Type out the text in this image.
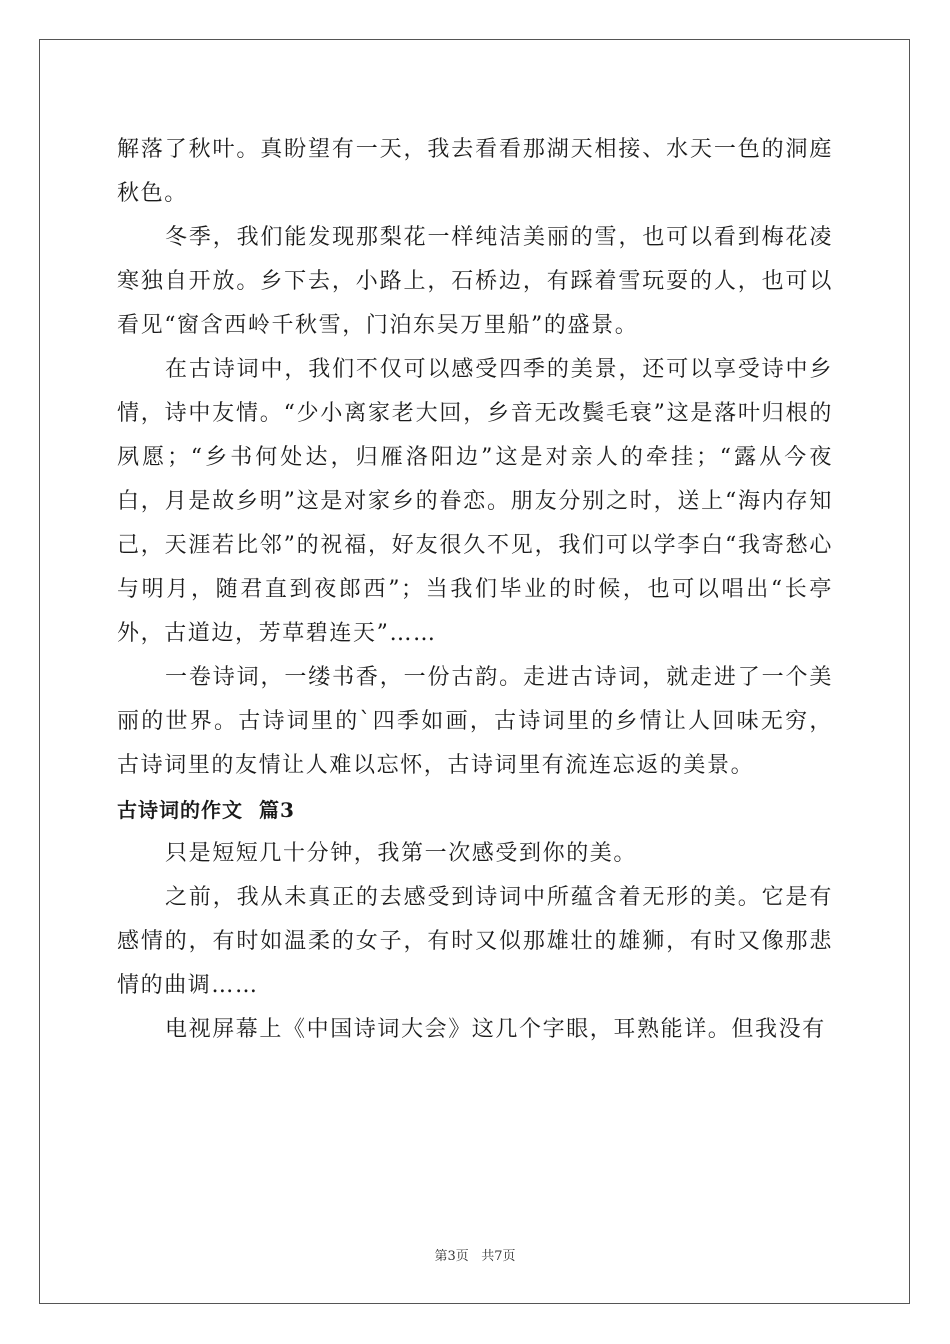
解落了秋叶。真盼望有一天，我去看看那湖天相接、水天一色的洞庭秋色。

冬季，我们能发现那梨花一样纯洁美丽的雪，也可以看到梅花凌寒独自开放。乡下去，小路上，石桥边，有踩着雪玩耍的人，也可以看见“窗含西岭千秋雪，门泊东吴万里船”的盛景。

在古诗词中，我们不仅可以感受四季的美景，还可以享受诗中乡情，诗中友情。“少小离家老大回，乡音无改鬓毛衰”这是落叶归根的夙愿；“乡书何处达，归雁洛阳边”这是对亲人的牵挂；“露从今夜白，月是故乡明”这是对家乡的眷恋。朋友分别之时，送上“海内存知己，天涯若比邻”的祝福，好友很久不见，我们可以学李白“我寄愁心与明月，随君直到夜郎西”；当我们毕业的时候，也可以唱出“长亭外，古道边，芳草碧连天”……

一卷诗词，一缕书香，一份古韵。走进古诗词，就走进了一个美丽的世界。古诗词里的`四季如画，古诗词里的乡情让人回味无穷，古诗词里的友情让人难以忘怀，古诗词里有流连忘返的美景。

古诗词的作文 篇3

只是短短几十分钟，我第一次感受到你的美。

之前，我从未真正的去感受到诗词中所蕴含着无形的美。它是有感情的，有时如温柔的女子，有时又似那雄壮的雄狮，有时又像那悲情的曲调……

电视屏幕上《中国诗词大会》这几个字眼，耳熟能详。但我没有

第3页 共7页
